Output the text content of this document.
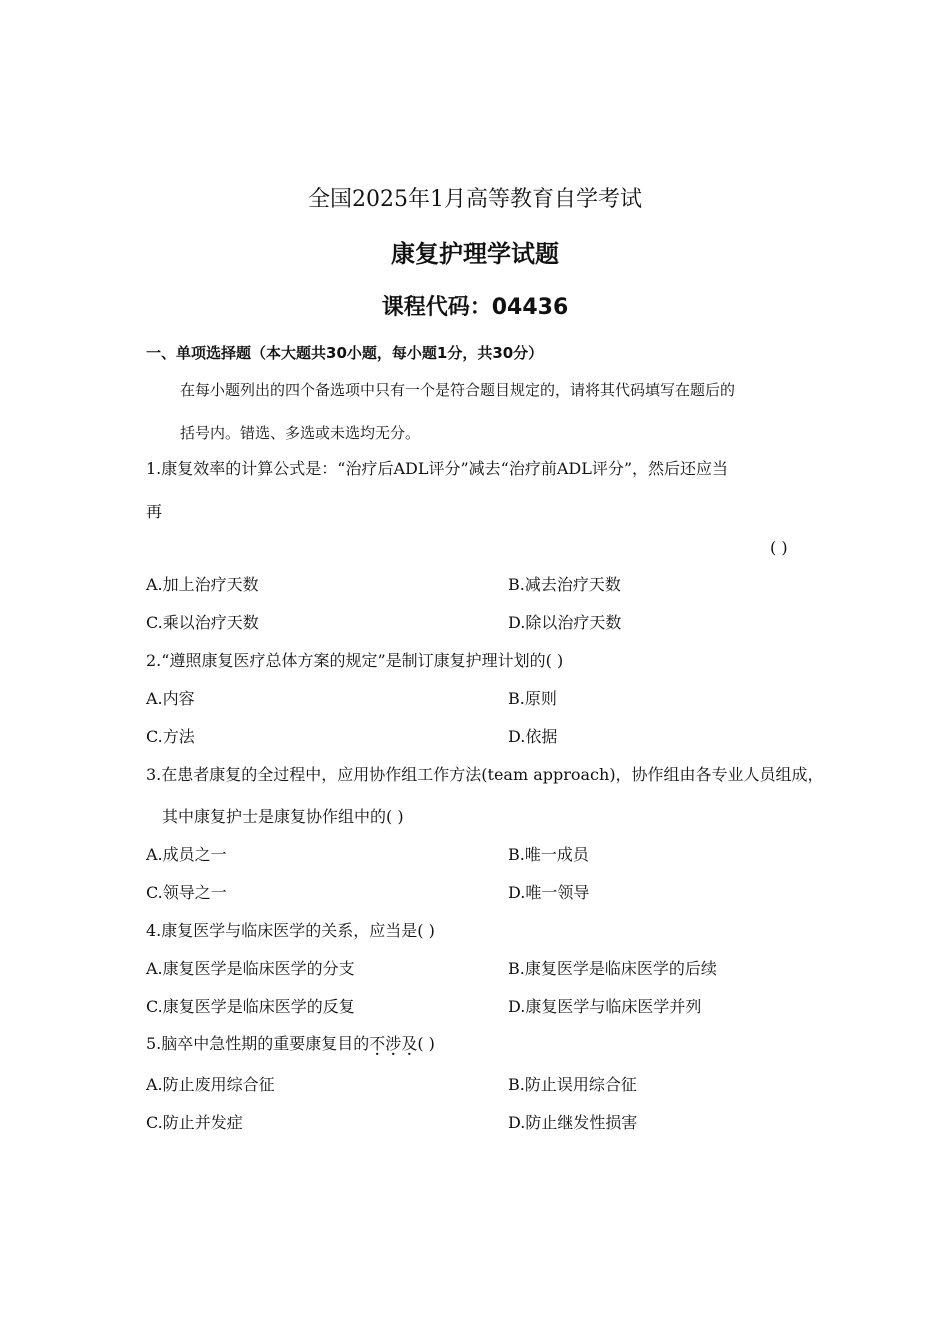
全国2025年1月高等教育自学考试
康复护理学试题
课程代码：04436
一、单项选择题（本大题共30小题，每小题1分，共30分）
在每小题列出的四个备选项中只有一个是符合题目规定的，请将其代码填写在题后的
括号内。错选、多选或未选均无分。
1.康复效率的计算公式是：“治疗后ADL评分”减去“治疗前ADL评分”，然后还应当
再
( )
A.加上治疗天数	B.减去治疗天数
C.乘以治疗天数	D.除以治疗天数
2.“遵照康复医疗总体方案的规定”是制订康复护理计划的( )
A.内容	B.原则
C.方法	D.依据
3.在患者康复的全过程中，应用协作组工作方法(team approach)，协作组由各专业人员组成，
其中康复护士是康复协作组中的( )
A.成员之一	B.唯一成员
C.领导之一	D.唯一领导
4.康复医学与临床医学的关系，应当是( )
A.康复医学是临床医学的分支	B.康复医学是临床医学的后续
C.康复医学是临床医学的反复	D.康复医学与临床医学并列
5.脑卒中急性期的重要康复目的不涉及( )
A.防止废用综合征	B.防止误用综合征
C.防止并发症	D.防止继发性损害
